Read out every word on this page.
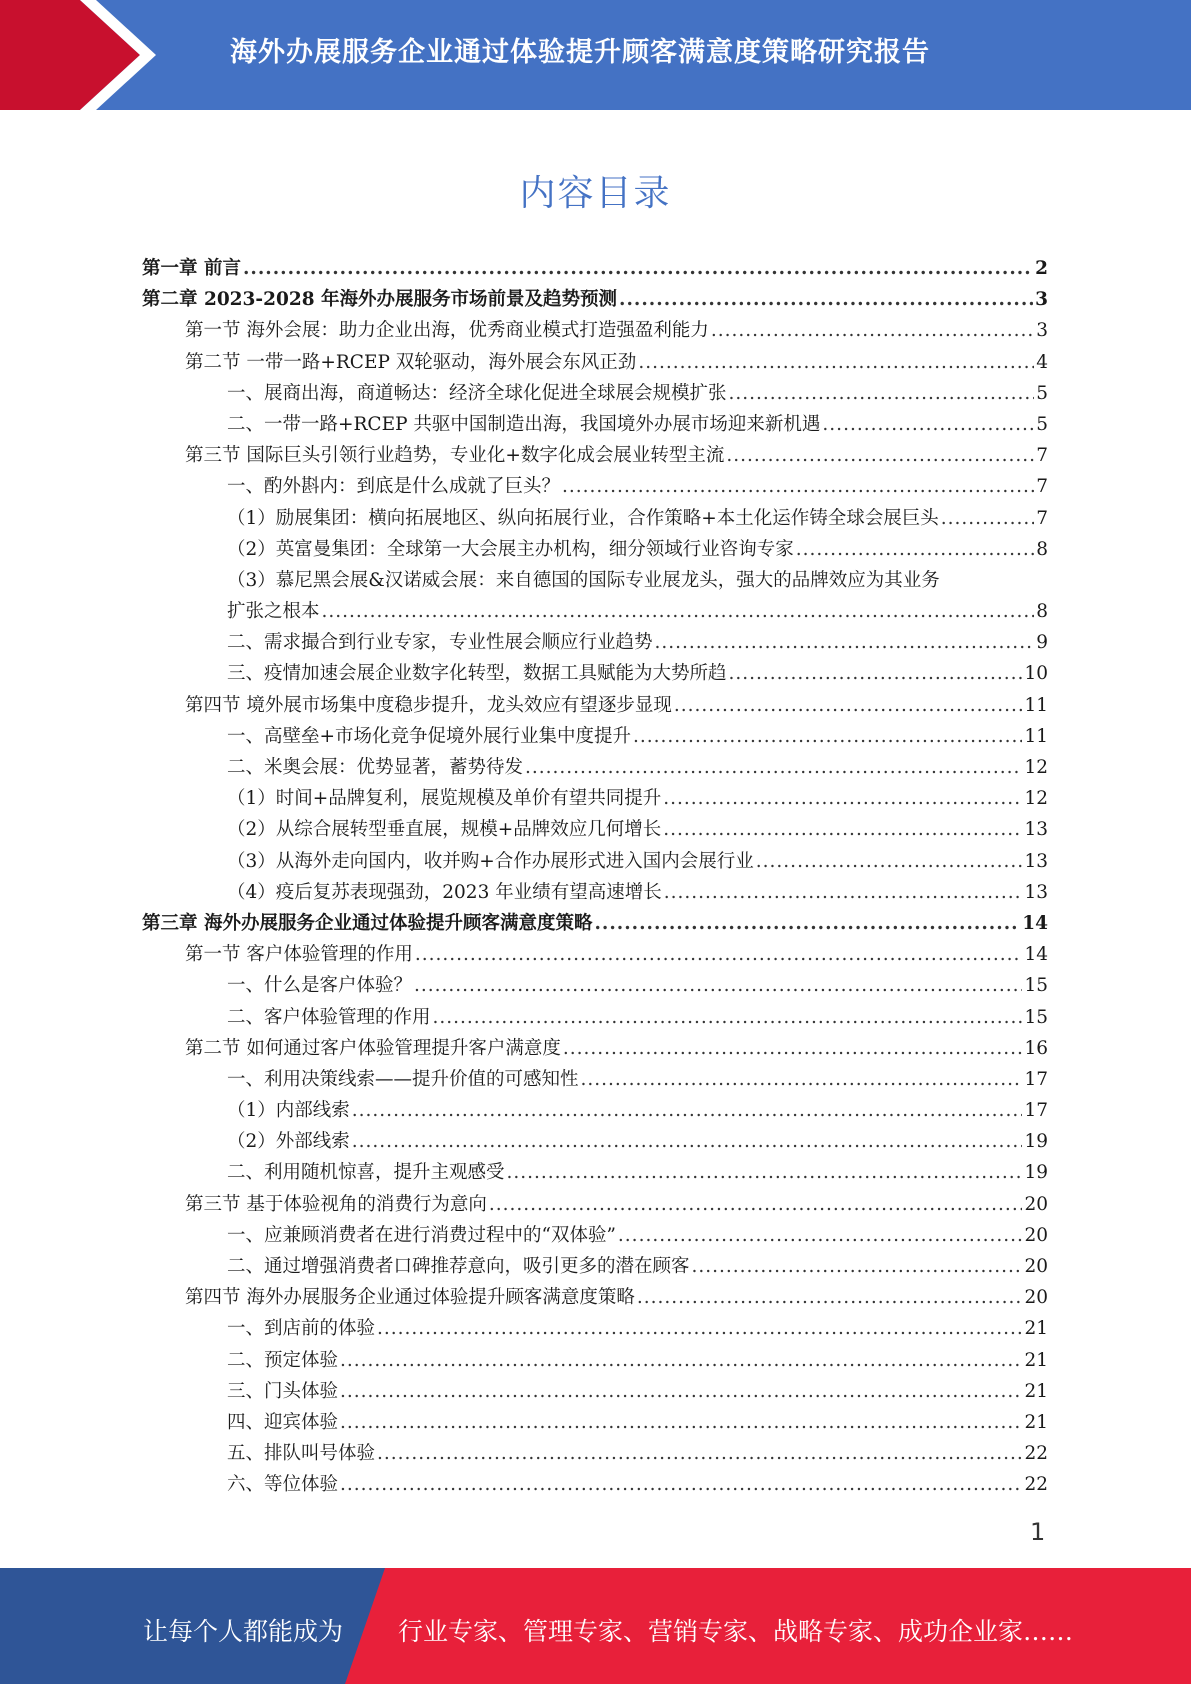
海外办展服务企业通过体验提升顾客满意度策略研究报告
内容目录
第一章 前言 .....	2
第二章 2023-2028 年海外办展服务市场前景及趋势预测 .....	3
第一节 海外会展：助力企业出海，优秀商业模式打造强盈利能力 .....	3
第二节 一带一路+RCEP 双轮驱动，海外展会东风正劲 .....	4
一、展商出海，商道畅达：经济全球化促进全球展会规模扩张 .....	5
二、一带一路+RCEP 共驱中国制造出海，我国境外办展市场迎来新机遇 .....	5
第三节 国际巨头引领行业趋势，专业化+数字化成会展业转型主流 .....	7
一、酌外斟内：到底是什么成就了巨头？ .....	7
（1）励展集团：横向拓展地区、纵向拓展行业，合作策略+本土化运作铸全球会展巨头 .....	7
（2）英富曼集团：全球第一大会展主办机构，细分领域行业咨询专家 .....	8
（3）慕尼黑会展&汉诺威会展：来自德国的国际专业展龙头，强大的品牌效应为其业务
扩张之根本 .....	8
二、需求撮合到行业专家，专业性展会顺应行业趋势 .....	9
三、疫情加速会展企业数字化转型，数据工具赋能为大势所趋 .....	10
第四节 境外展市场集中度稳步提升，龙头效应有望逐步显现 .....	11
一、高壁垒+市场化竞争促境外展行业集中度提升 .....	11
二、米奥会展：优势显著，蓄势待发 .....	12
（1）时间+品牌复利，展览规模及单价有望共同提升 .....	12
（2）从综合展转型垂直展，规模+品牌效应几何增长 .....	13
（3）从海外走向国内，收并购+合作办展形式进入国内会展行业 .....	13
（4）疫后复苏表现强劲，2023 年业绩有望高速增长 .....	13
第三章 海外办展服务企业通过体验提升顾客满意度策略 .....	14
第一节 客户体验管理的作用 .....	14
一、什么是客户体验？ .....	15
二、客户体验管理的作用 .....	15
第二节 如何通过客户体验管理提升客户满意度 .....	16
一、利用决策线索——提升价值的可感知性 .....	17
（1）内部线索 .....	17
（2）外部线索 .....	19
二、利用随机惊喜，提升主观感受 .....	19
第三节 基于体验视角的消费行为意向 .....	20
一、应兼顾消费者在进行消费过程中的“双体验” .....	20
二、通过增强消费者口碑推荐意向，吸引更多的潜在顾客 .....	20
第四节 海外办展服务企业通过体验提升顾客满意度策略 .....	20
一、到店前的体验 .....	21
二、预定体验 .....	21
三、门头体验 .....	21
四、迎宾体验 .....	21
五、排队叫号体验 .....	22
六、等位体验 .....	22
1
让每个人都能成为 行业专家、管理专家、营销专家、战略专家、成功企业家……
